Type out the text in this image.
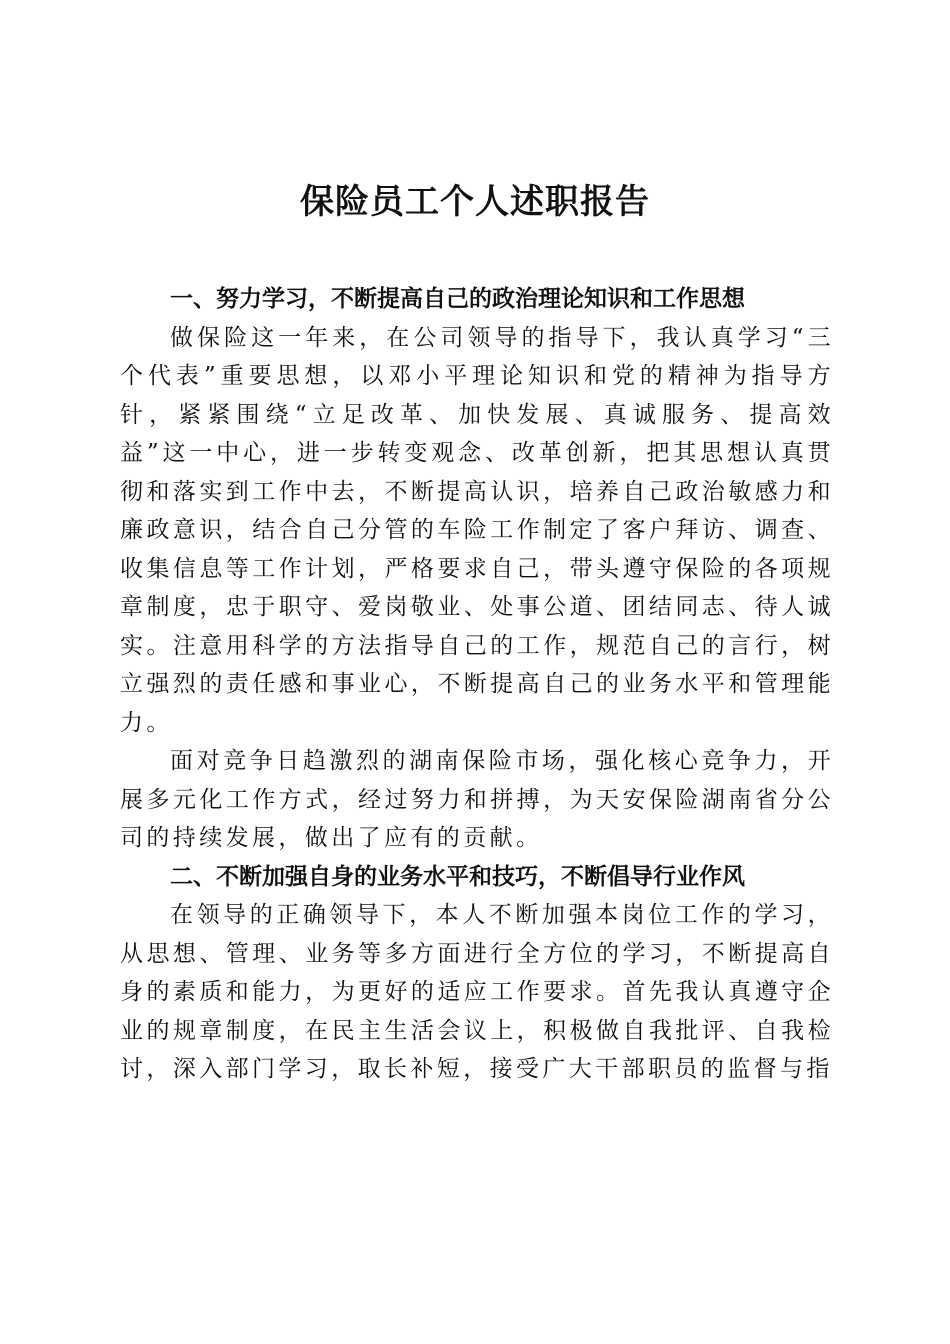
保险员工个人述职报告

一、努力学习，不断提高自己的政治理论知识和工作思想

做保险这一年来，在公司领导的指导下，我认真学习“三个代表”重要思想，以邓小平理论知识和党的精神为指导方针，紧紧围绕“立足改革、加快发展、真诚服务、提高效益”这一中心，进一步转变观念、改革创新，把其思想认真贯彻和落实到工作中去，不断提高认识，培养自己政治敏感力和廉政意识，结合自己分管的车险工作制定了客户拜访、调查、收集信息等工作计划，严格要求自己，带头遵守保险的各项规章制度，忠于职守、爱岗敬业、处事公道、团结同志、待人诚实。注意用科学的方法指导自己的工作，规范自己的言行，树立强烈的责任感和事业心，不断提高自己的业务水平和管理能力。

面对竞争日趋激烈的湖南保险市场，强化核心竞争力，开展多元化工作方式，经过努力和拼搏，为天安保险湖南省分公司的持续发展，做出了应有的贡献。

二、不断加强自身的业务水平和技巧，不断倡导行业作风

在领导的正确领导下，本人不断加强本岗位工作的学习，从思想、管理、业务等多方面进行全方位的学习，不断提高自身的素质和能力，为更好的适应工作要求。首先我认真遵守企业的规章制度，在民主生活会议上，积极做自我批评、自我检讨，深入部门学习，取长补短，接受广大干部职员的监督与指
